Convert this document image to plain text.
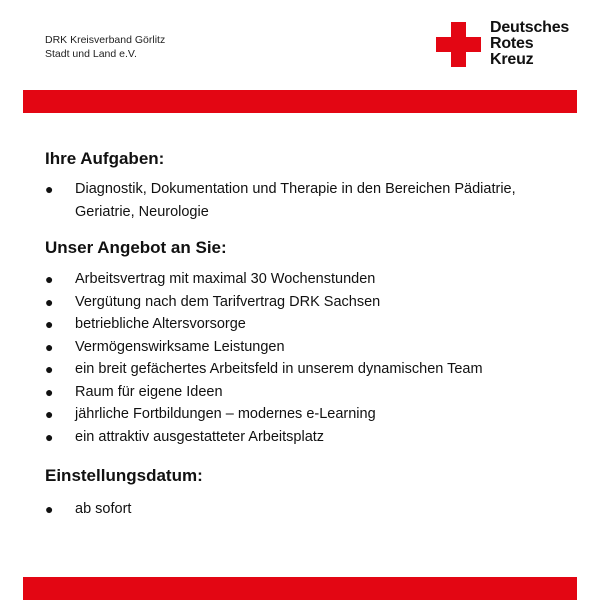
DRK Kreisverband Görlitz
Stadt und Land e.V.
Deutsches
Rotes
Kreuz
Ihre Aufgaben:
● Diagnostik, Dokumentation und Therapie in den Bereichen Pädiatrie, Geriatrie, Neurologie
Unser Angebot an Sie:
● Arbeitsvertrag mit maximal 30 Wochenstunden
● Vergütung nach dem Tarifvertrag DRK Sachsen
● betriebliche Altersvorsorge
● Vermögenswirksame Leistungen
● ein breit gefächertes Arbeitsfeld in unserem dynamischen Team
● Raum für eigene Ideen
● jährliche Fortbildungen – modernes e-Learning
● ein attraktiv ausgestatteter Arbeitsplatz
Einstellungsdatum:
● ab sofort
